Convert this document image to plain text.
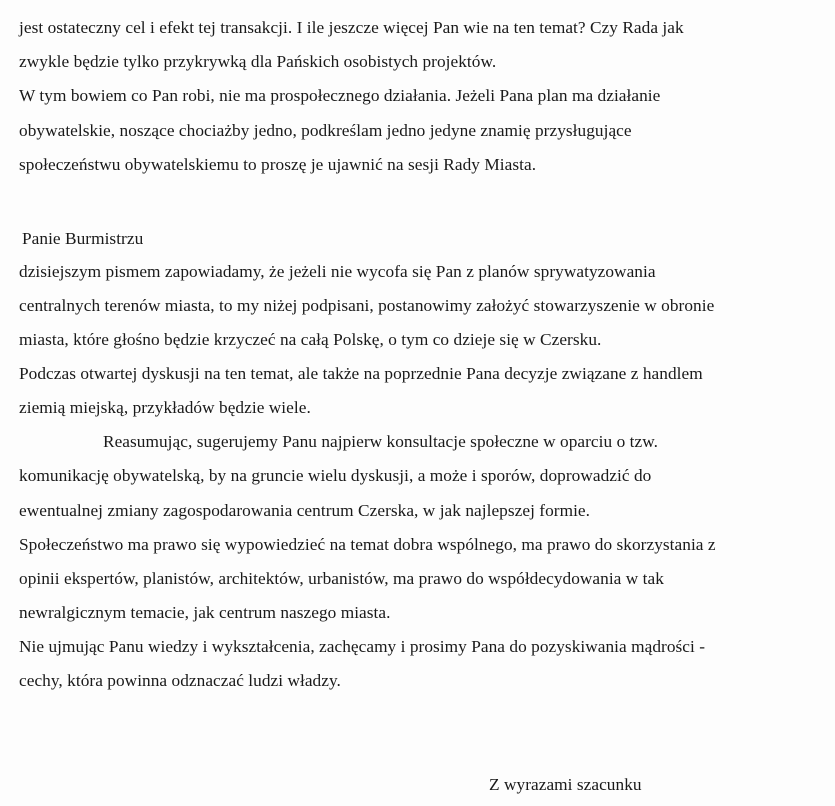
jest ostateczny cel i efekt tej transakcji. I ile jeszcze więcej Pan wie na ten temat? Czy Rada jak
zwykle będzie tylko przykrywką dla Pańskich osobistych projektów.
W tym bowiem co Pan robi, nie ma prospołecznego działania. Jeżeli Pana plan ma działanie
obywatelskie, noszące chociażby jedno, podkreślam jedno jedyne znamię przysługujące
społeczeństwu obywatelskiemu to proszę je ujawnić na sesji Rady Miasta.
Panie Burmistrzu
dzisiejszym pismem zapowiadamy, że jeżeli nie wycofa się Pan z planów sprywatyzowania
centralnych terenów miasta, to my niżej podpisani, postanowimy założyć stowarzyszenie w obronie
miasta, które głośno będzie krzyczeć na całą Polskę, o tym co dzieje się w Czersku.
Podczas otwartej dyskusji na ten temat, ale także na poprzednie Pana decyzje związane z handlem
ziemią miejską, przykładów będzie wiele.
Reasumując, sugerujemy Panu najpierw konsultacje społeczne w oparciu o tzw.
komunikację obywatelską, by na gruncie wielu dyskusji, a może i sporów, doprowadzić do
ewentualnej zmiany zagospodarowania centrum Czerska, w jak najlepszej formie.
Społeczeństwo ma prawo się wypowiedzieć na temat dobra wspólnego, ma prawo do skorzystania z
opinii ekspertów, planistów, architektów, urbanistów, ma prawo do współdecydowania w tak
newralgicznym temacie, jak centrum naszego miasta.
Nie ujmując Panu wiedzy i wykształcenia, zachęcamy i prosimy Pana do pozyskiwania mądrości -
cechy, która powinna odznaczać ludzi władzy.
Z wyrazami szacunku
